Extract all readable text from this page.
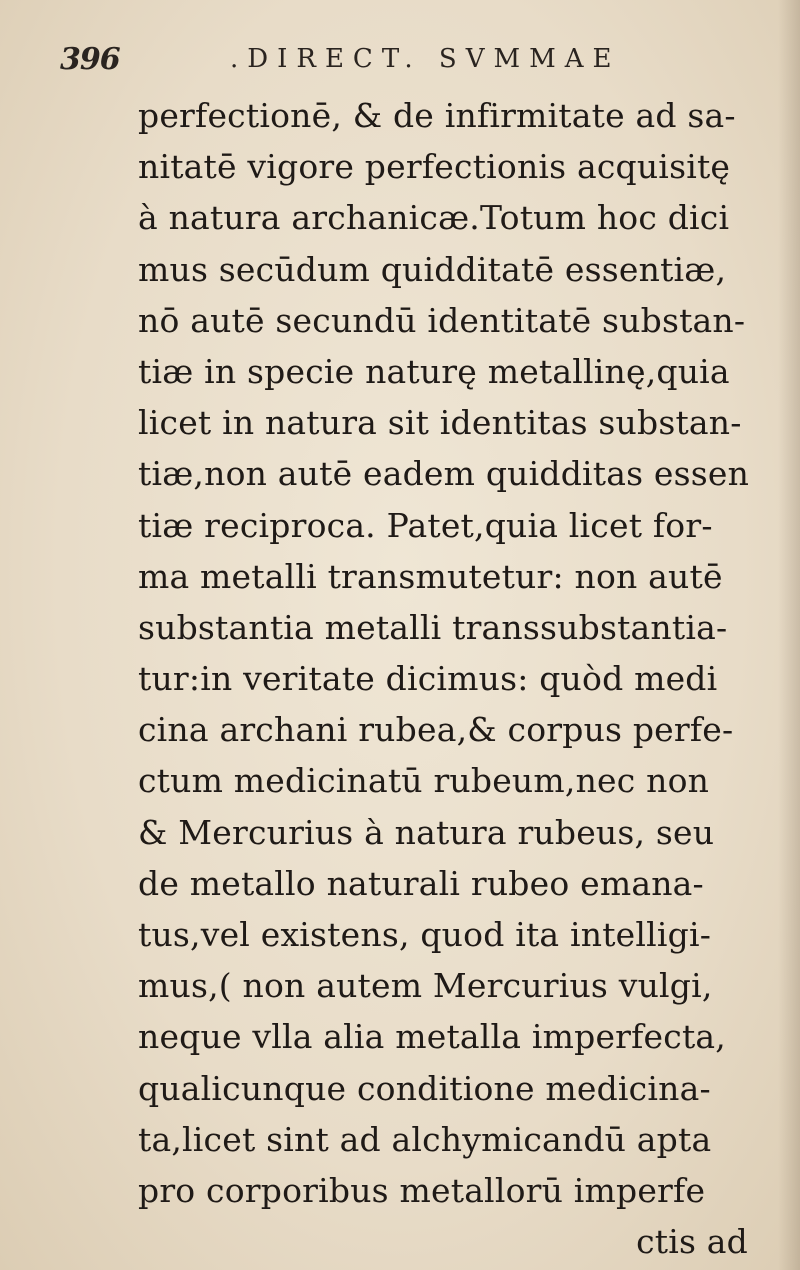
396	.DIRECT. SVMMAE
perfectionē, & de infirmitate ad sa-
nitatē vigore perfectionis acquisitę
à natura archanicæ.Totum hoc dici
mus secūdum quidditatē essentiæ,
nō autē secundū identitatē substan-
tiæ in specie naturę metallinę,quia
licet in natura sit identitas substan-
tiæ,non autē eadem quidditas essen
tiæ reciproca. Patet,quia licet for-
ma metalli transmutetur: non autē
substantia metalli transsubstantia-
tur:in veritate dicimus: quòd medi
cina archani rubea,& corpus perfe-
ctum medicinatū rubeum,nec non
& Mercurius à natura rubeus, seu
de metallo naturali rubeo emana-
tus,vel existens, quod ita intelligi-
mus,( non autem Mercurius vulgi,
neque vlla alia metalla imperfecta,
qualicunque conditione medicina-
ta,licet sint ad alchymicandū apta
pro corporibus metallorū imperfe
ctis ad
